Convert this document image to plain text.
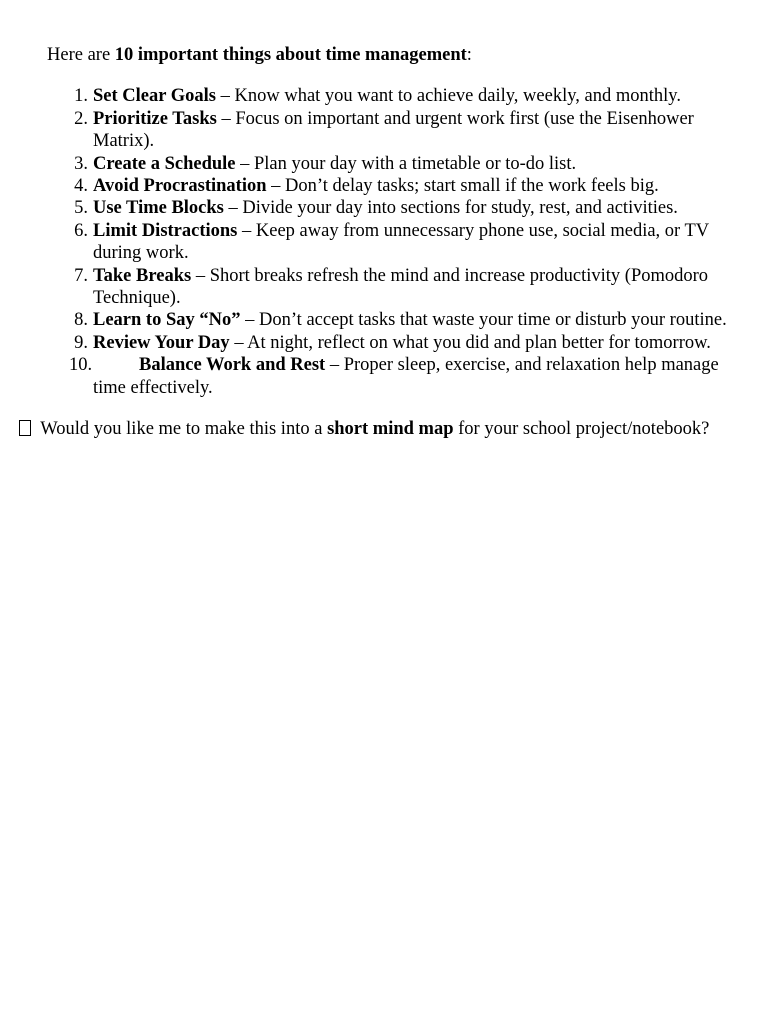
Here are 10 important things about time management:

1. Set Clear Goals – Know what you want to achieve daily, weekly, and monthly.
2. Prioritize Tasks – Focus on important and urgent work first (use the Eisenhower Matrix).
3. Create a Schedule – Plan your day with a timetable or to-do list.
4. Avoid Procrastination – Don’t delay tasks; start small if the work feels big.
5. Use Time Blocks – Divide your day into sections for study, rest, and activities.
6. Limit Distractions – Keep away from unnecessary phone use, social media, or TV during work.
7. Take Breaks – Short breaks refresh the mind and increase productivity (Pomodoro Technique).
8. Learn to Say “No” – Don’t accept tasks that waste your time or disturb your routine.
9. Review Your Day – At night, reflect on what you did and plan better for tomorrow.
10.	Balance Work and Rest – Proper sleep, exercise, and relaxation help manage time effectively.

Would you like me to make this into a short mind map for your school project/notebook?
